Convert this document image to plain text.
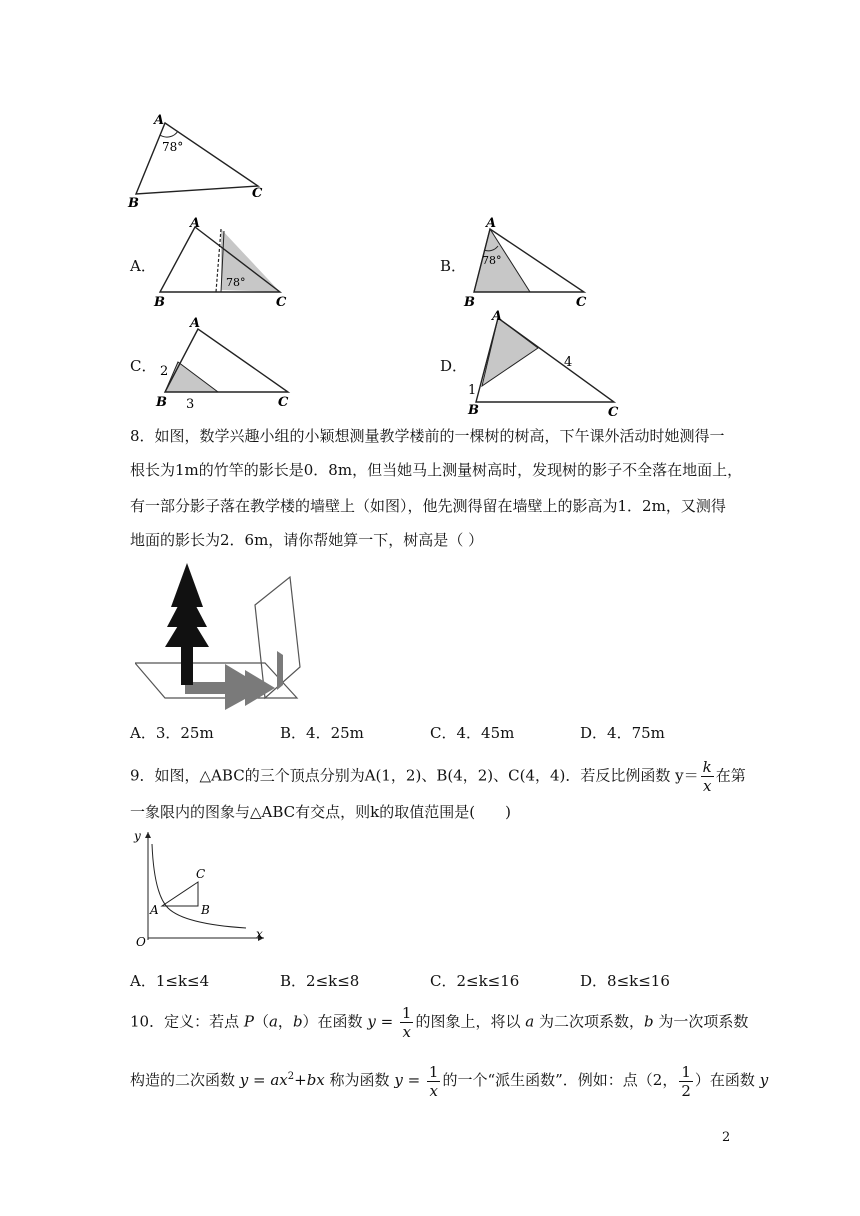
A
B
C
78°
A．
A
B	C
78°
B．
A
B	C
78°
C．
A
B	C
2
3
D．
A
B	C
1
4
8．如图，数学兴趣小组的小颖想测量教学楼前的一棵树的树高，下午课外活动时她测得一
根长为1m的竹竿的影长是0．8m，但当她马上测量树高时，发现树的影子不全落在地面上，
有一部分影子落在教学楼的墙壁上（如图），他先测得留在墙壁上的影高为1．2m，又测得
地面的影长为2．6m，请你帮她算一下，树高是（ ）
A．3．25m	B．4．25m	C．4．45m	D．4．75m
9．如图，△ABC的三个顶点分别为A(1，2)、B(4，2)、C(4，4)．若反比例函数 $y= \frac{k}{x}$ 在第
一象限内的图象与△ABC有交点，则k的取值范围是(　　)
y
x
O
A	B
C
A．1≤k≤4	B．2≤k≤8	C．2≤k≤16	D．8≤k≤16
10．定义：若点 P（a，b）在函数 $y = \frac{1}{x}$ 的图象上，将以 a 为二次项系数，b 为一次项系数
构造的二次函数 $y = ax^2+bx$ 称为函数 $y = \frac{1}{x}$ 的一个“派生函数”．例如：点（2， $\frac{1}{2}$ ）在函数 y
2
